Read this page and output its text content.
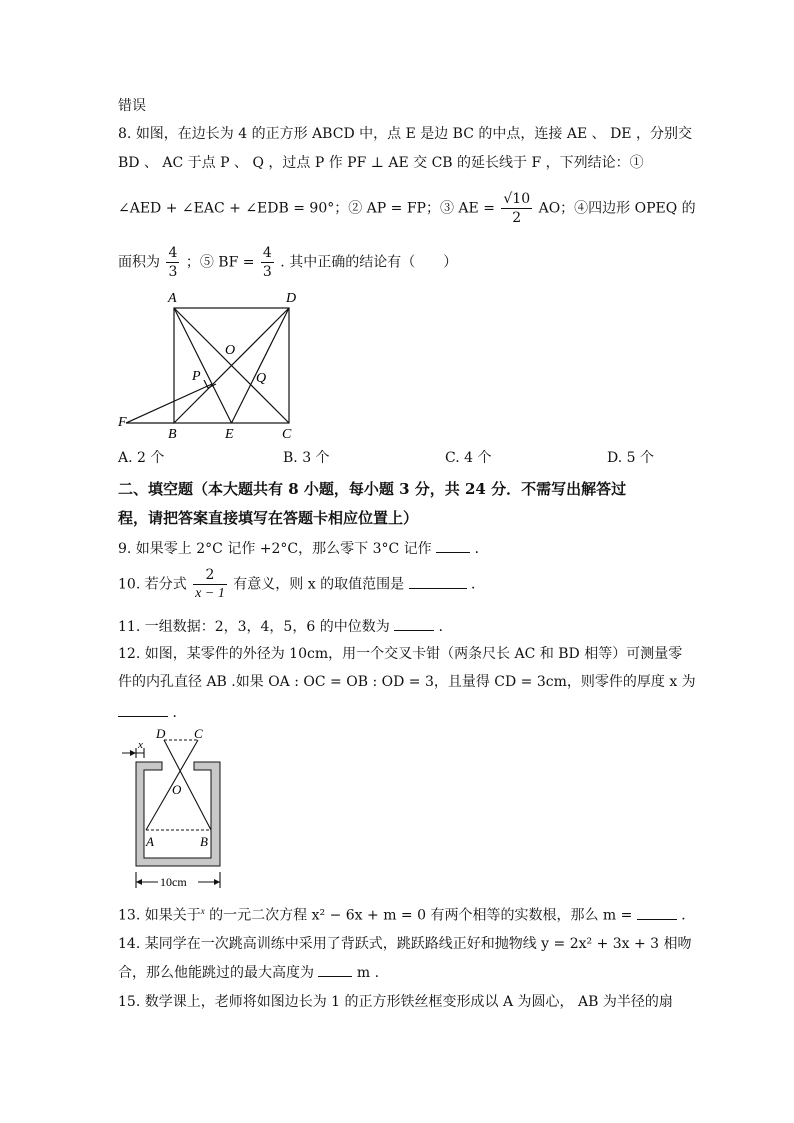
错误
8. 如图，在边长为 4 的正方形 ABCD 中，点 E 是边 BC 的中点，连接 AE 、 DE ，分别交
BD 、 AC 于点 P 、 Q ，过点 P 作 PF ⊥ AE 交 CB 的延长线于 F ，下列结论：①
∠AED + ∠EAC + ∠EDB = 90°；② AP = FP；③ AE = $\frac{√10}{2}$ AO；④四边形 OPEQ 的
面积为 $\frac{4}{3}$ ；⑤ BF = $\frac{4}{3}$ . 其中正确的结论有（　　）
A	D
O
P	Q
F
B	E	C
A. 2 个	B. 3 个	C. 4 个	D. 5 个
二、填空题（本大题共有 8 小题，每小题 3 分，共 24 分．不需写出解答过
程，请把答案直接填写在答题卡相应位置上）
9. 如果零上 2°C 记作 +2°C，那么零下 3°C 记作	．
10. 若分式 $\frac{2}{x - 1}$ 有意义，则 x 的取值范围是	．
11. 一组数据：2，3，4，5，6 的中位数为	．
12. 如图，某零件的外径为 10cm，用一个交叉卡钳（两条尺长 AC 和 BD 相等）可测量零
件的内孔直径 AB .如果 OA : OC = OB : OD = 3，且量得 CD = 3cm，则零件的厚度 x 为
．
x
D C
O
A	B
10cm
13. 如果关于$^x$ 的一元二次方程 x² − 6x + m = 0 有两个相等的实数根，那么 m =	．
14. 某同学在一次跳高训练中采用了背跃式，跳跃路线正好和抛物线 y = 2x² + 3x + 3 相吻
合，那么他能跳过的最大高度为	m .
15. 数学课上，老师将如图边长为 1 的正方形铁丝框变形成以 A 为圆心， AB 为半径的扇
